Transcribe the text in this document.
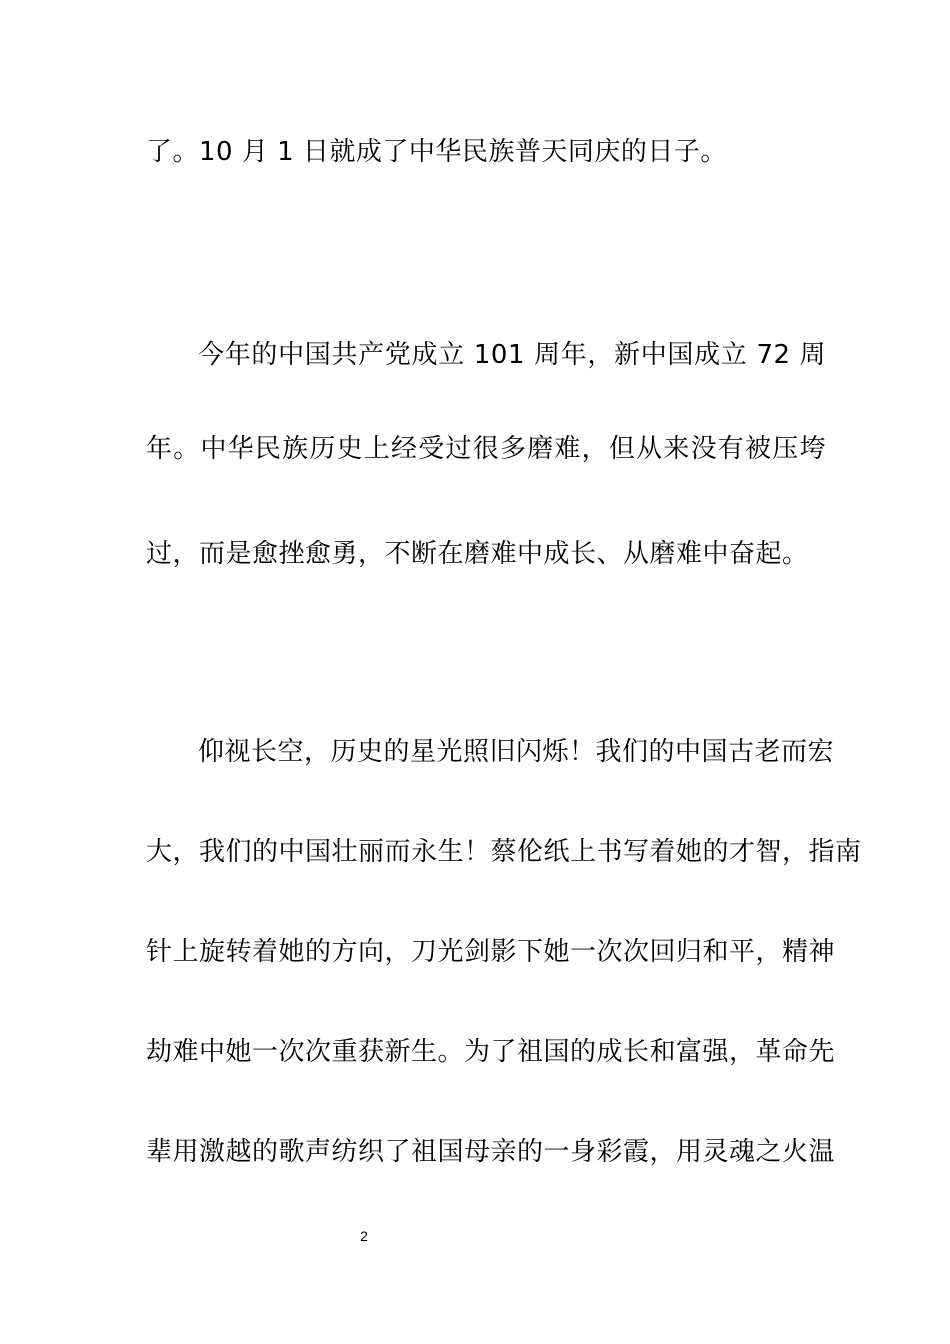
了。10 月 1 日就成了中华民族普天同庆的日子。
今年的中国共产党成立 101 周年，新中国成立 72 周
年。中华民族历史上经受过很多磨难，但从来没有被压垮
过，而是愈挫愈勇，不断在磨难中成长、从磨难中奋起。
仰视长空，历史的星光照旧闪烁！我们的中国古老而宏
大，我们的中国壮丽而永生！蔡伦纸上书写着她的才智，指南
针上旋转着她的方向，刀光剑影下她一次次回归和平，精神
劫难中她一次次重获新生。为了祖国的成长和富强，革命先
辈用激越的歌声纺织了祖国母亲的一身彩霞，用灵魂之火温
2
